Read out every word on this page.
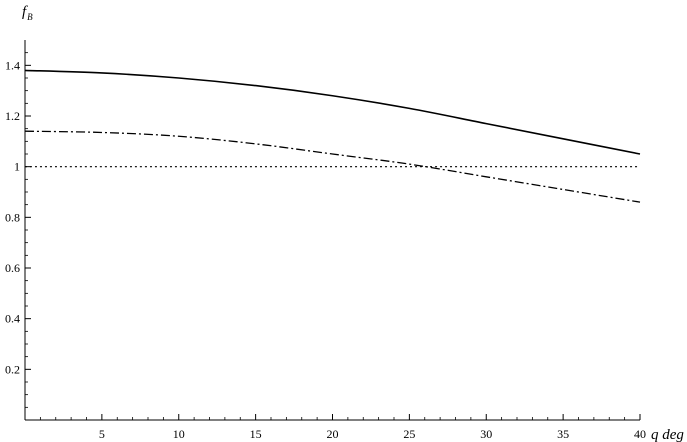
5	10	15	20	25	30	35	40
0.2
0.4
0.6
0.8
1
1.2
1.4
$f_B$
q deg
